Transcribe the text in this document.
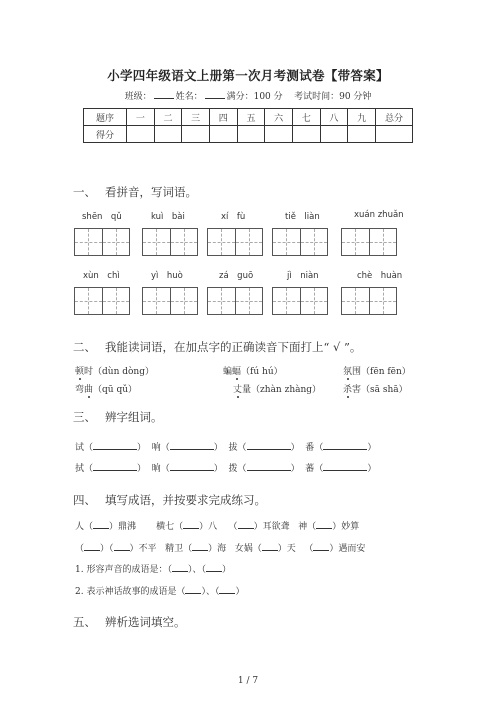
小学四年级语文上册第一次月考测试卷【带答案】
班级：	姓名：	满分：100 分 考试时间：90 分钟
题序	一	二	三	四	五	六	七	八	九	总分
得分										
一、 看拼音，写词语。
shēn　qǔ	kuì　bài	xí　fù	tiě　liàn	xuán zhuǎn
xùn　chì	yì　huò	zá　guō	jì　niàn	chè　huàn
二、 我能读词语，在加点字的正确读音下面打上“ √ ”。
顿时（dùn dòng）	蝙蝠（fú hú）	氛围（fēn fēn）
弯曲（qū qǔ）	丈量（zhàn zhàng） 杀害（sā shā）
三、 辨字组词。
试（	）  响（	）  拔（	）  番（	）
拭（	）  晌（	）  拨（	）  蕃（	）
四、 填写成语，并按要求完成练习。
人（ ）鼎沸 横七（ ）八 （ ）耳欲聋 神（ ）妙算
（ ）（ ）不平 精卫（ ）海 女娲（ ）天 （ ）遇而安
1. 形容声音的成语是：（ ）、（ ）
2. 表示神话故事的成语是（ ）、（ ）
五、 辨析选词填空。
1 / 7
